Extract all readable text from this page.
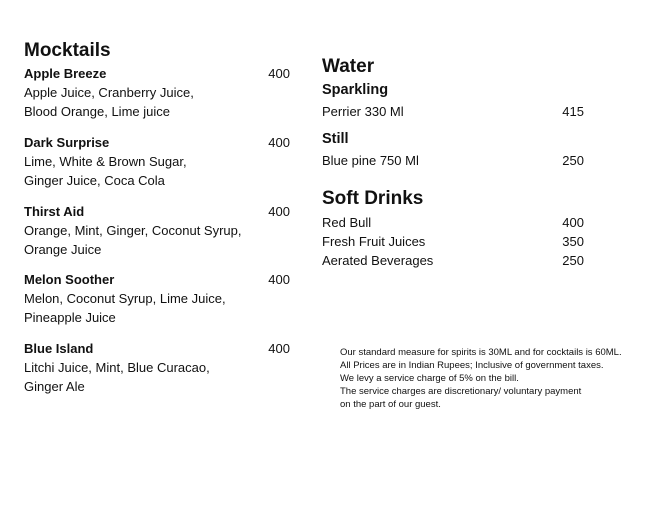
Mocktails
Apple Breeze	400
Apple Juice, Cranberry Juice,
Blood Orange, Lime juice
Dark Surprise	400
Lime, White & Brown Sugar,
Ginger Juice, Coca Cola
Thirst Aid	400
Orange, Mint, Ginger, Coconut Syrup,
Orange Juice
Melon Soother	400
Melon, Coconut Syrup, Lime Juice,
Pineapple Juice
Blue Island	400
Litchi Juice, Mint, Blue Curacao,
Ginger Ale
Water
Sparkling
Perrier 330 Ml	415
Still
Blue pine 750 Ml	250
Soft Drinks
Red Bull	400
Fresh Fruit Juices	350
Aerated Beverages	250
Our standard measure for spirits is 30ML and for cocktails is 60ML.
All Prices are in Indian Rupees; Inclusive of government taxes.
We levy a service charge of 5% on the bill.
The service charges are discretionary/ voluntary payment
on the part of our guest.
